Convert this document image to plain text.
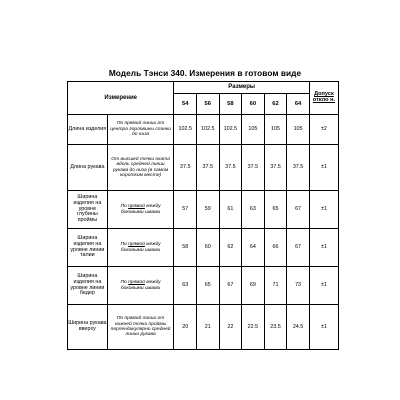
Модель Тэнси 340. Измерения в готовом виде
Измерение		Размеры						Допуск откло н.
		54	56	58	60	62	64	
Длина изделия	По прямой линии от центра горловины спинки до низа	102.5	102.5	102.5	105	105	105	±2
Длина рукава	От высшей точки оката вдоль средней линии рукава до низа (в самом коротком месте)	37.5	37.5	37.5	37.5	37.5	37.5	±1
Ширина изделия на уровне глубины проймы	По прямой между боковыми швами	57	59	61	63	65	67	±1
Ширина изделия на уровне линии талии	По прямой между боковыми швами	58	60	62	64	66	67	±1
Ширина изделия на уровне линии бедер	По прямой между боковыми швами	63	65	67	69	71	73	±1
Ширина рукава вверху	По прямой линии от нижней точки проймы перпендикулярно средней линии рукава	20	21	22	22.5	23.5	24.5	±1
